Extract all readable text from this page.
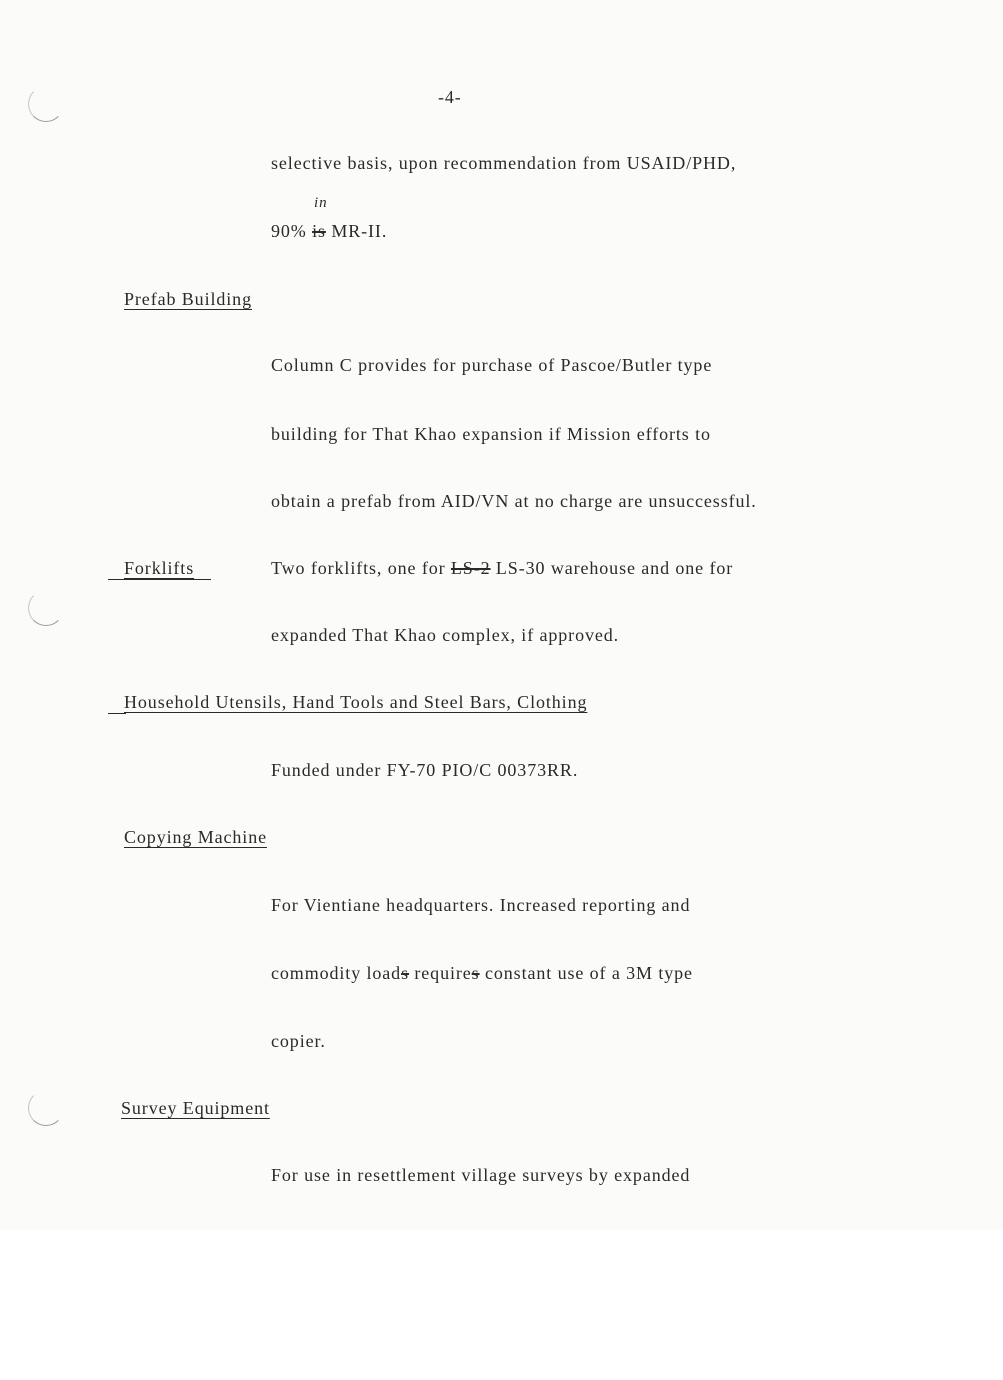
-4-
selective basis, upon recommendation from USAID/PHD,
in
90% is MR-II.
Prefab Building
Column C provides for purchase of Pascoe/Butler type
building for That Khao expansion if Mission efforts to
obtain a prefab from AID/VN at no charge are unsuccessful.
Forklifts	Two forklifts, one for LS-2 LS-30 warehouse and one for
expanded That Khao complex, if approved.
Household Utensils, Hand Tools and Steel Bars, Clothing
Funded under FY-70 PIO/C 00373RR.
Copying Machine
For Vientiane headquarters. Increased reporting and
commodity loads requires constant use of a 3M type
copier.
Survey Equipment
For use in resettlement village surveys by expanded
